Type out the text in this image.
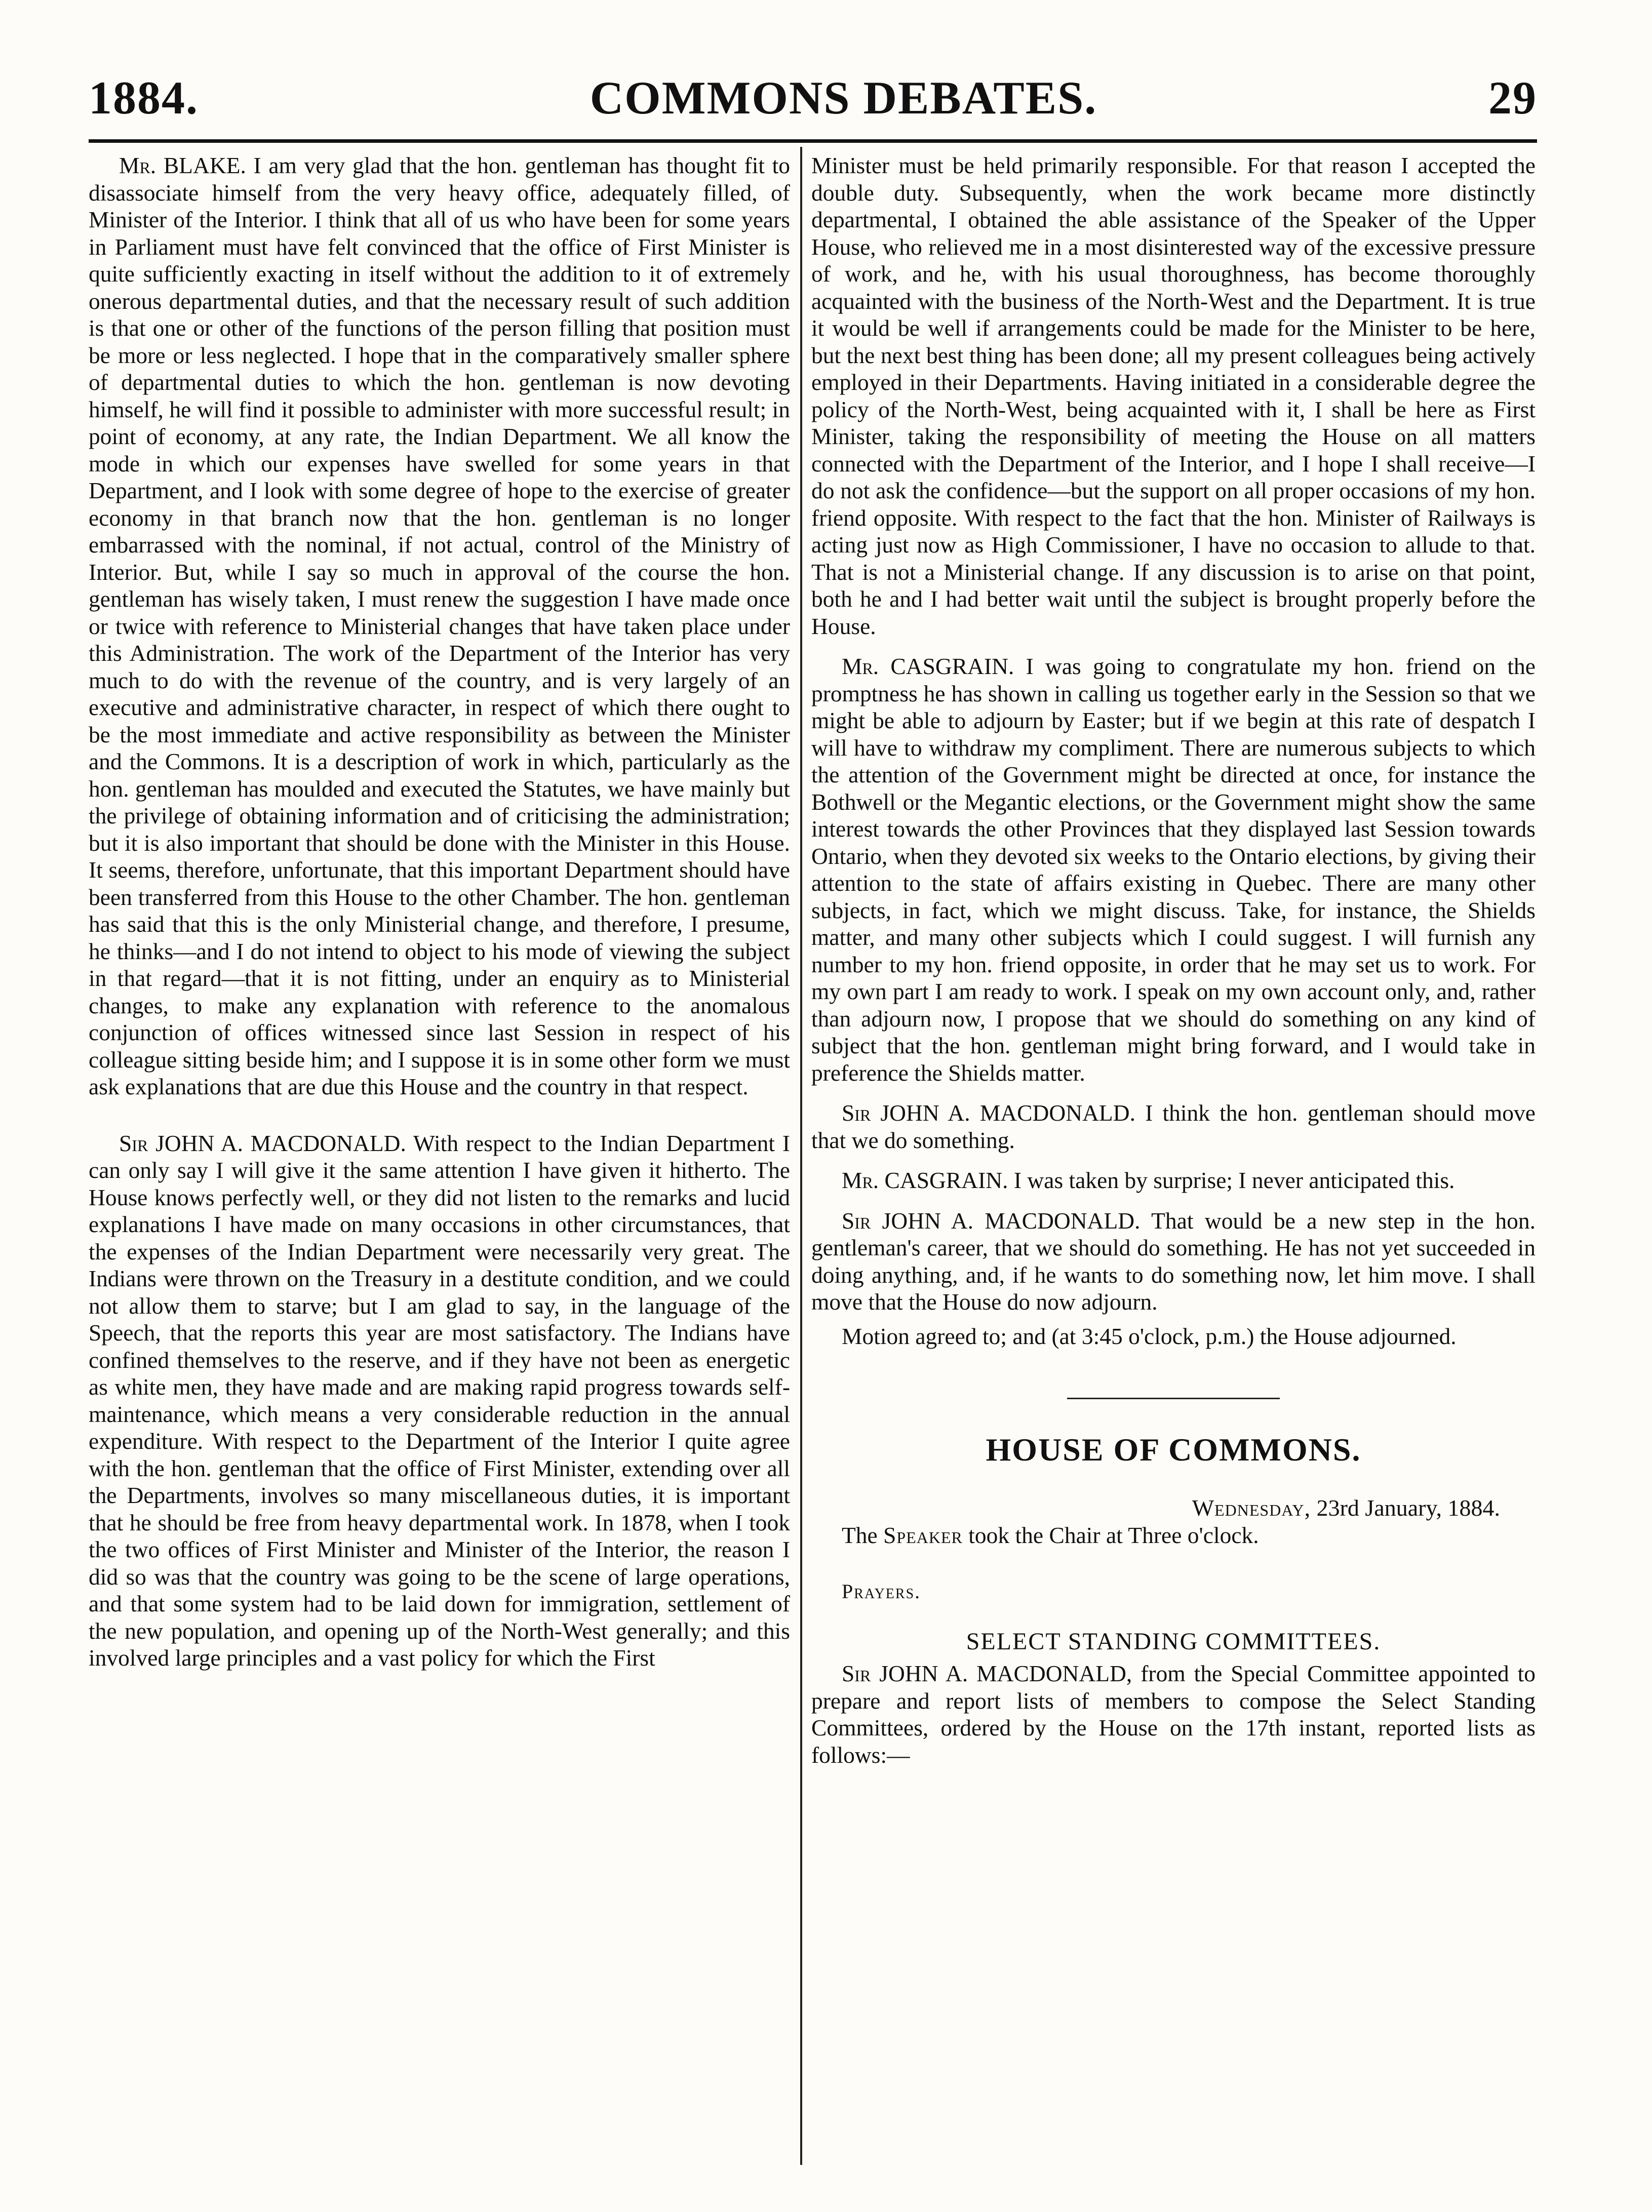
1884.	COMMONS DEBATES.	29

Mr. BLAKE. I am very glad that the hon. gentleman has thought fit to disassociate himself from the very heavy office, adequately filled, of Minister of the Interior. I think that all of us who have been for some years in Parliament must have felt convinced that the office of First Minister is quite sufficiently exacting in itself without the addition to it of extremely onerous departmental duties, and that the necessary result of such addition is that one or other of the functions of the person filling that position must be more or less neglected. I hope that in the comparatively smaller sphere of departmental duties to which the hon. gentleman is now devoting himself, he will find it possible to administer with more successful result; in point of economy, at any rate, the Indian Department. We all know the mode in which our expenses have swelled for some years in that Department, and I look with some degree of hope to the exercise of greater economy in that branch now that the hon. gentleman is no longer embarrassed with the nominal, if not actual, control of the Ministry of Interior. But, while I say so much in approval of the course the hon. gentleman has wisely taken, I must renew the suggestion I have made once or twice with reference to Ministerial changes that have taken place under this Administration. The work of the Department of the Interior has very much to do with the revenue of the country, and is very largely of an executive and administrative character, in respect of which there ought to be the most immediate and active responsibility as between the Minister and the Commons. It is a description of work in which, particularly as the hon. gentleman has moulded and executed the Statutes, we have mainly but the privilege of obtaining information and of criticising the administration; but it is also important that should be done with the Minister in this House. It seems, therefore, unfortunate, that this important Department should have been transferred from this House to the other Chamber. The hon. gentleman has said that this is the only Ministerial change, and therefore, I presume, he thinks—and I do not intend to object to his mode of viewing the subject in that regard—that it is not fitting, under an enquiry as to Ministerial changes, to make any explanation with reference to the anomalous conjunction of offices witnessed since last Session in respect of his colleague sitting beside him; and I suppose it is in some other form we must ask explanations that are due this House and the country in that respect.

Sir JOHN A. MACDONALD. With respect to the Indian Department I can only say I will give it the same attention I have given it hitherto. The House knows perfectly well, or they did not listen to the remarks and lucid explanations I have made on many occasions in other circumstances, that the expenses of the Indian Department were necessarily very great. The Indians were thrown on the Treasury in a destitute condition, and we could not allow them to starve; but I am glad to say, in the language of the Speech, that the reports this year are most satisfactory. The Indians have confined themselves to the reserve, and if they have not been as energetic as white men, they have made and are making rapid progress towards self-maintenance, which means a very considerable reduction in the annual expenditure. With respect to the Department of the Interior I quite agree with the hon. gentleman that the office of First Minister, extending over all the Departments, involves so many miscellaneous duties, it is important that he should be free from heavy departmental work. In 1878, when I took the two offices of First Minister and Minister of the Interior, the reason I did so was that the country was going to be the scene of large operations, and that some system had to be laid down for immigration, settlement of the new population, and opening up of the North-West generally; and this involved large principles and a vast policy for which the First

Minister must be held primarily responsible. For that reason I accepted the double duty. Subsequently, when the work became more distinctly departmental, I obtained the able assistance of the Speaker of the Upper House, who relieved me in a most disinterested way of the excessive pressure of work, and he, with his usual thoroughness, has become thoroughly acquainted with the business of the North-West and the Department. It is true it would be well if arrangements could be made for the Minister to be here, but the next best thing has been done; all my present colleagues being actively employed in their Departments. Having initiated in a considerable degree the policy of the North-West, being acquainted with it, I shall be here as First Minister, taking the responsibility of meeting the House on all matters connected with the Department of the Interior, and I hope I shall receive—I do not ask the confidence—but the support on all proper occasions of my hon. friend opposite. With respect to the fact that the hon. Minister of Railways is acting just now as High Commissioner, I have no occasion to allude to that. That is not a Ministerial change. If any discussion is to arise on that point, both he and I had better wait until the subject is brought properly before the House.

Mr. CASGRAIN. I was going to congratulate my hon. friend on the promptness he has shown in calling us together early in the Session so that we might be able to adjourn by Easter; but if we begin at this rate of despatch I will have to withdraw my compliment. There are numerous subjects to which the attention of the Government might be directed at once, for instance the Bothwell or the Megantic elections, or the Government might show the same interest towards the other Provinces that they displayed last Session towards Ontario, when they devoted six weeks to the Ontario elections, by giving their attention to the state of affairs existing in Quebec. There are many other subjects, in fact, which we might discuss. Take, for instance, the Shields matter, and many other subjects which I could suggest. I will furnish any number to my hon. friend opposite, in order that he may set us to work. For my own part I am ready to work. I speak on my own account only, and, rather than adjourn now, I propose that we should do something on any kind of subject that the hon. gentleman might bring forward, and I would take in preference the Shields matter.

Sir JOHN A. MACDONALD. I think the hon. gentleman should move that we do something.

Mr. CASGRAIN. I was taken by surprise; I never anticipated this.

Sir JOHN A. MACDONALD. That would be a new step in the hon. gentleman's career, that we should do something. He has not yet succeeded in doing anything, and, if he wants to do something now, let him move. I shall move that the House do now adjourn.

Motion agreed to; and (at 3:45 o'clock, p.m.) the House adjourned.

HOUSE OF COMMONS.
Wednesday, 23rd January, 1884.

The Speaker took the Chair at Three o'clock.

Prayers.

SELECT STANDING COMMITTEES.

Sir JOHN A. MACDONALD, from the Special Committee appointed to prepare and report lists of members to compose the Select Standing Committees, ordered by the House on the 17th instant, reported lists as follows:—
